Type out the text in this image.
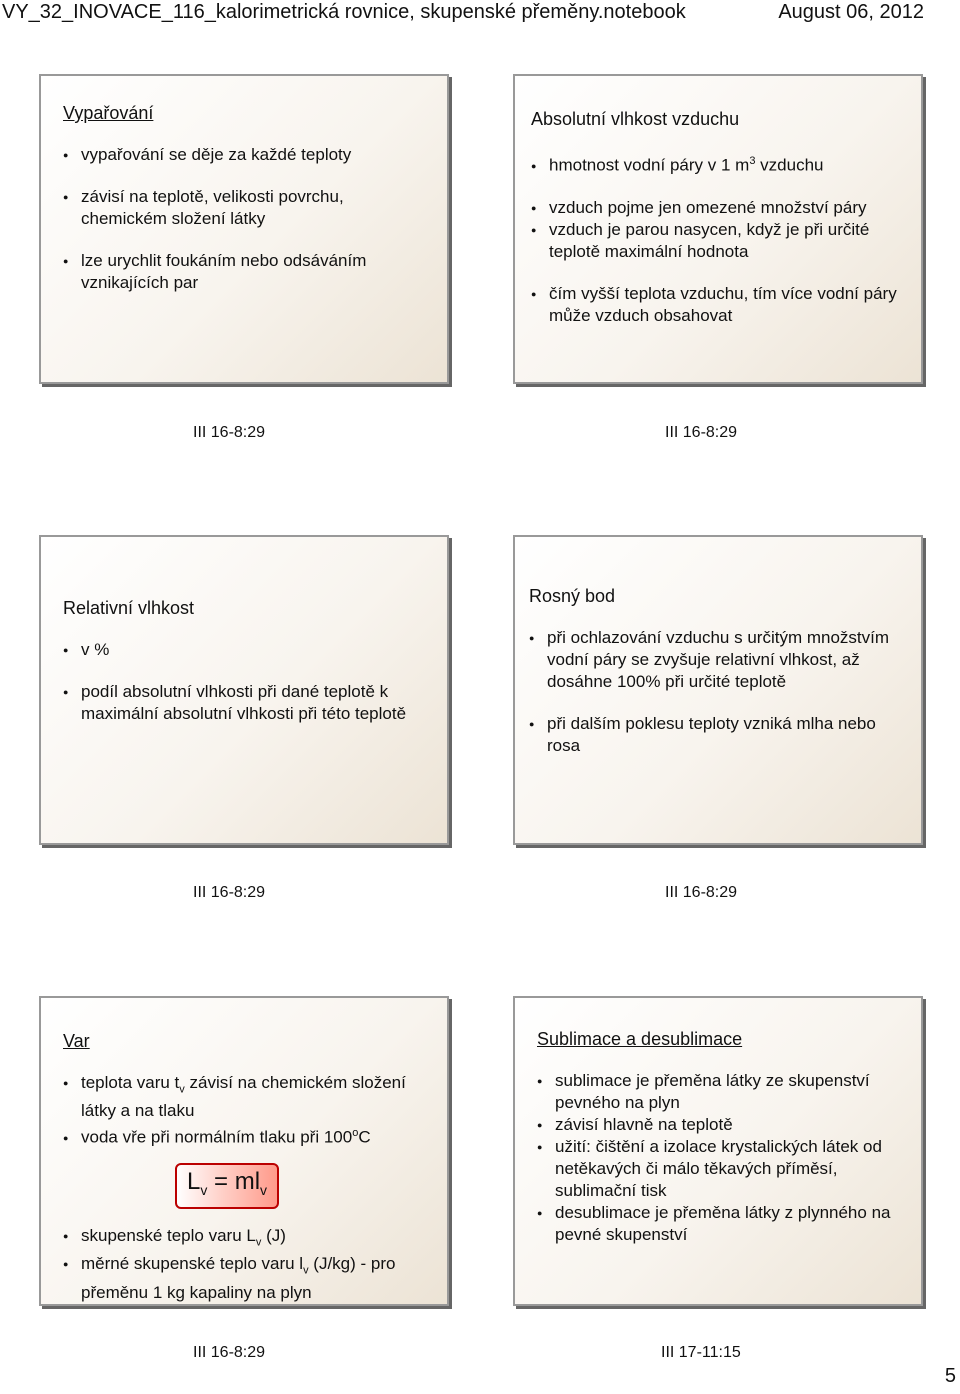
VY_32_INOVACE_116_kalorimetrická rovnice, skupenské přeměny.notebook	August 06, 2012
Vypařování

● vypařování se děje za každé teploty

● závisí na teplotě, velikosti povrchu, chemickém složení látky

● lze urychlit foukáním nebo odsáváním vznikajících par

III 16-8:29
Absolutní vlhkost vzduchu

● hmotnost vodní páry v 1 $m^3$ vzduchu

● vzduch pojme jen omezené množství páry

● vzduch je parou nasycen, když je při určité teplotě maximální hodnota

● čím vyšší teplota vzduchu, tím více vodní páry může vzduch obsahovat

III 16-8:29
Relativní vlhkost

● v %

● podíl absolutní vlhkosti při dané teplotě k maximální absolutní vlhkosti při této teplotě

III 16-8:29
Rosný bod

● při ochlazování vzduchu s určitým množstvím vodní páry se zvyšuje relativní vlhkost, až dosáhne 100% při určité teplotě

● při dalším poklesu teploty vzniká mlha nebo rosa

III 16-8:29
Var

● teplota varu $t_v$ závisí na chemickém složení látky a na tlaku

● voda vře při normálním tlaku při 100$^o$C

$L_v = ml_v$

● skupenské teplo varu $L_v$ (J)

● měrné skupenské teplo varu $l_v$ (J/kg) - pro přeměnu 1 kg kapaliny na plyn

III 16-8:29
Sublimace a desublimace

● sublimace je přeměna látky ze skupenství pevného na plyn

● závisí hlavně na teplotě

● užití: čištění a izolace krystalických látek od netěkavých či málo těkavých příměsí, sublimační tisk

● desublimace je přeměna látky z plynného na pevné skupenství

III 17-11:15
5
